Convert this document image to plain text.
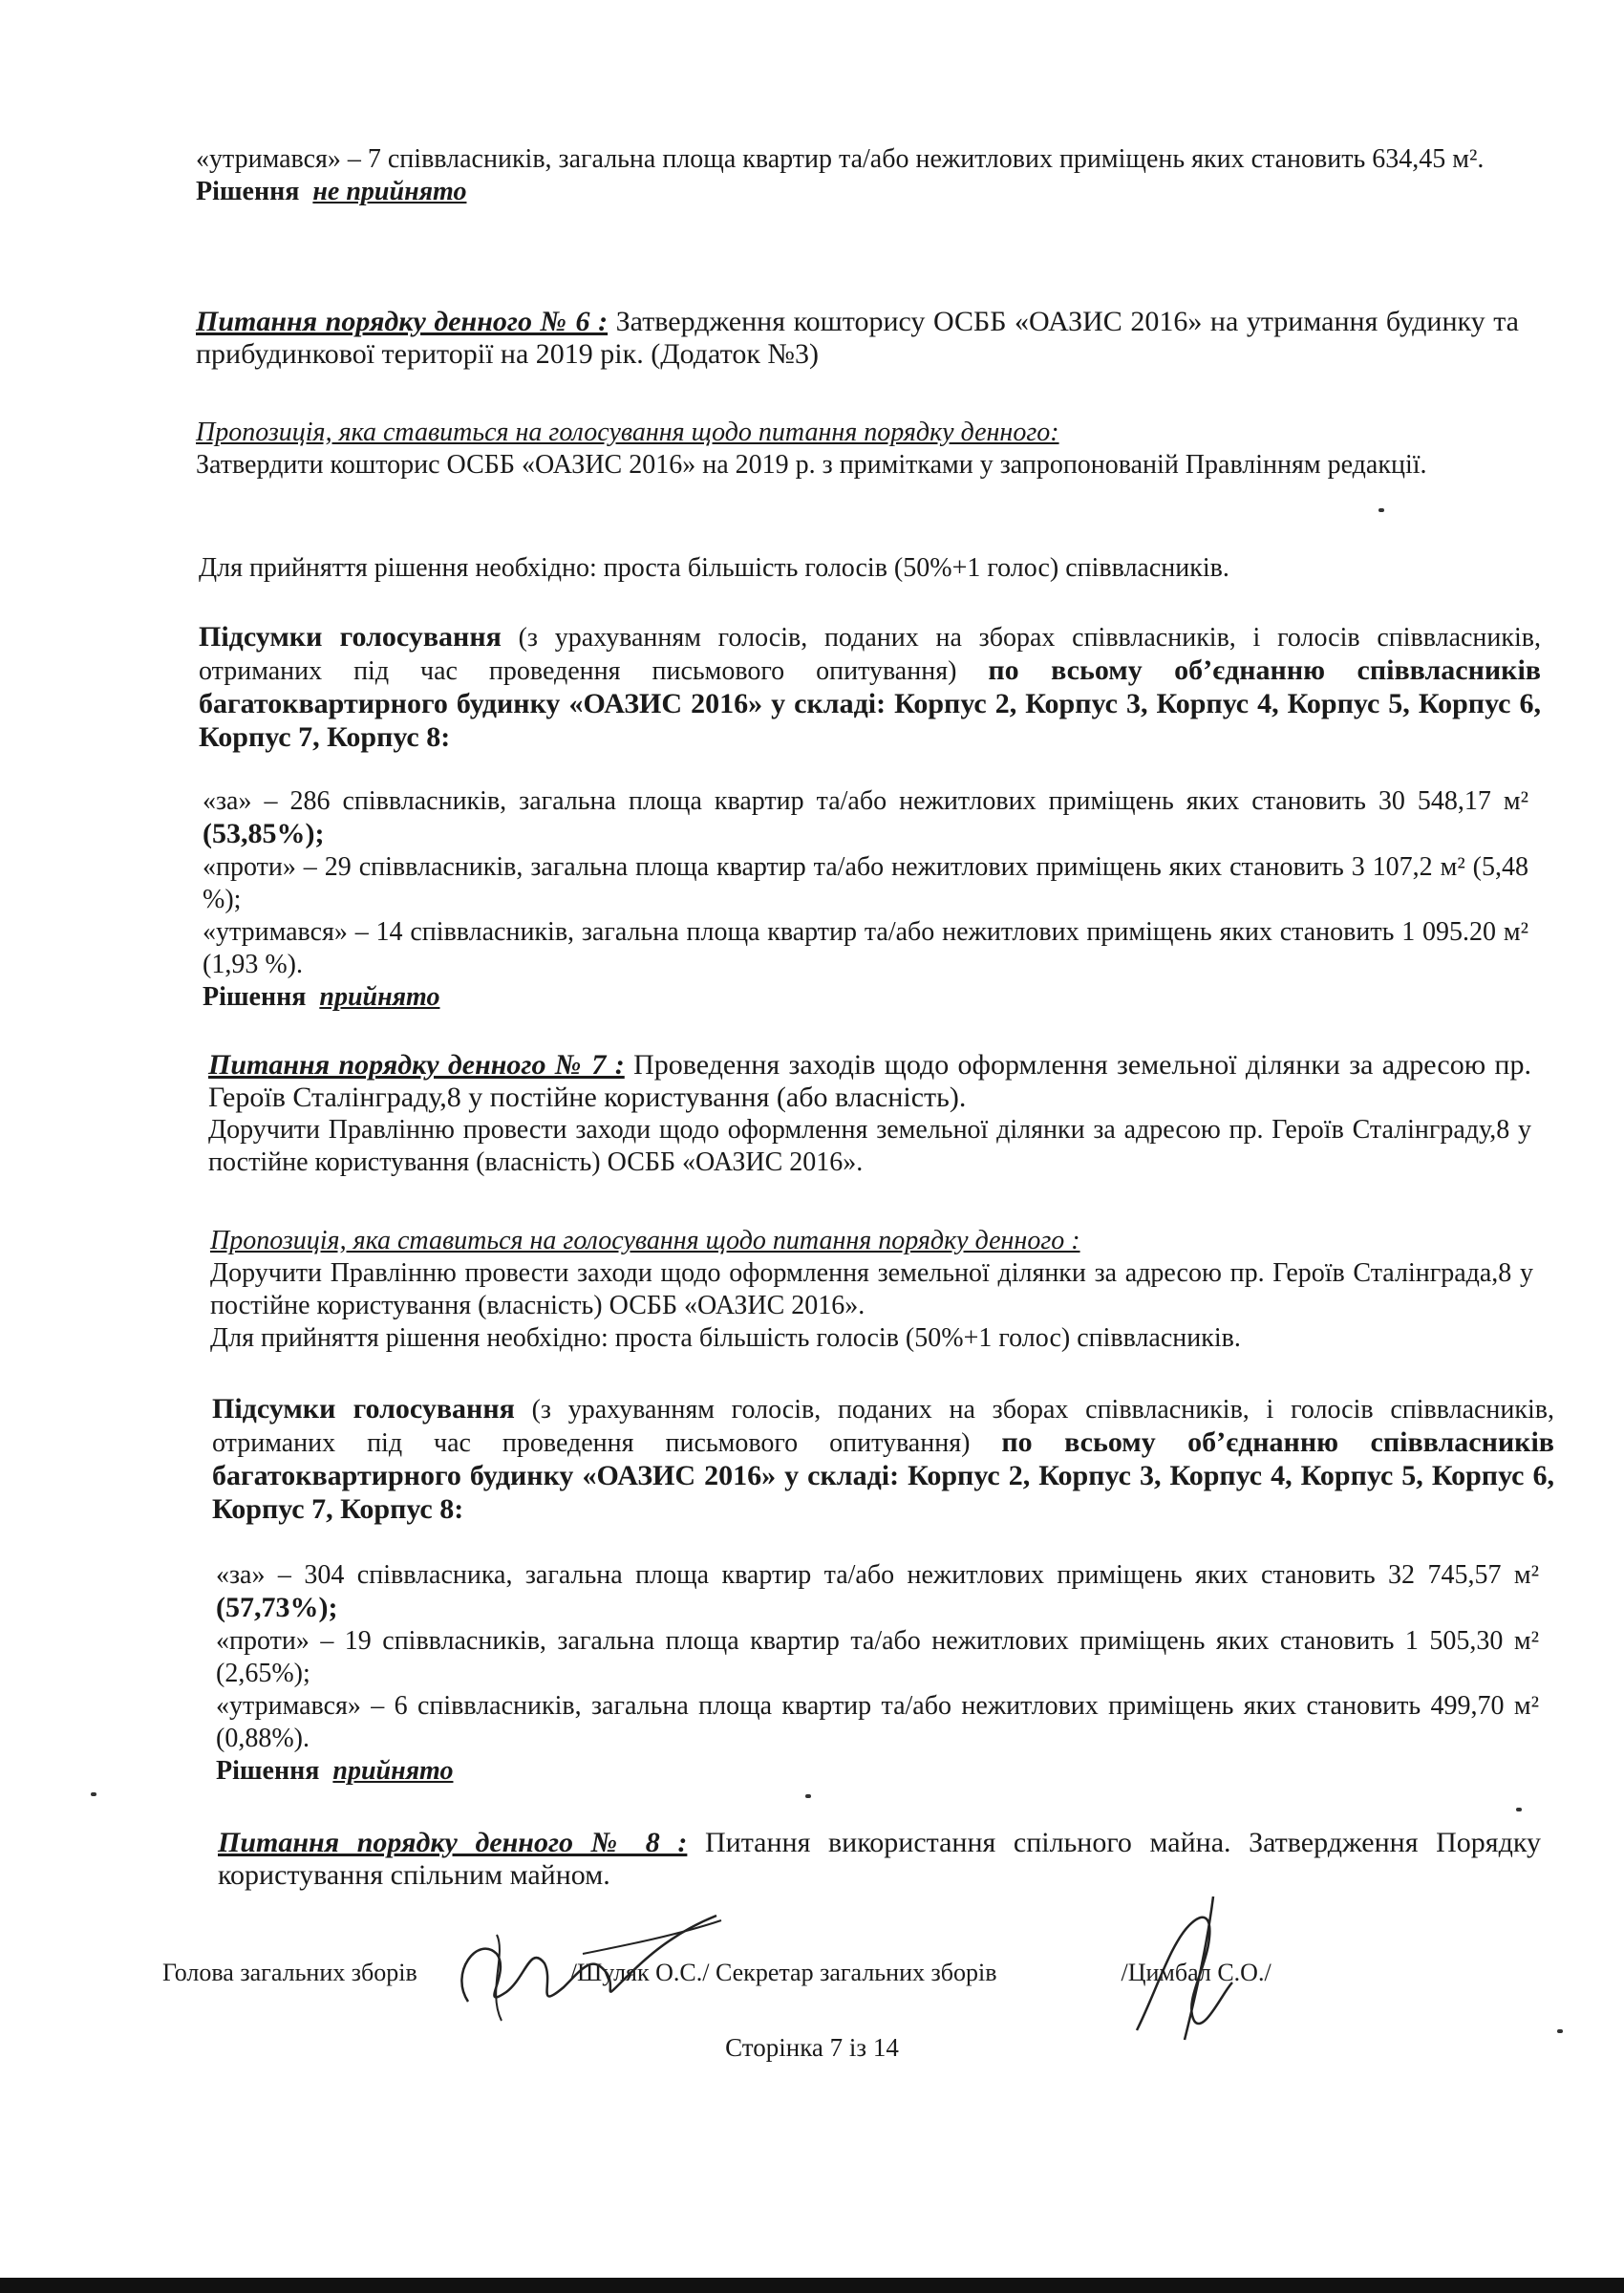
«утримався» – 7 співвласників, загальна площа квартир та/або нежитлових приміщень яких становить 634,45 м².

Рішення не прийнято

Питання порядку денного № 6 : Затвердження кошторису ОСББ «ОАЗИС 2016» на утримання будинку та прибудинкової території на 2019 рік. (Додаток №3)

Пропозиція, яка ставиться на голосування щодо питання порядку денного:

Затвердити кошторис ОСББ «ОАЗИС 2016» на 2019 р. з примітками у запропонованій Правлінням редакції.

Для прийняття рішення необхідно: проста більшість голосів (50%+1 голос) співвласників.

Підсумки голосування (з урахуванням голосів, поданих на зборах співвласників, і голосів співвласників, отриманих під час проведення письмового опитування) по всьому об’єднанню співвласників багатоквартирного будинку «ОАЗИС 2016» у складі: Корпус 2, Корпус 3, Корпус 4, Корпус 5, Корпус 6, Корпус 7, Корпус 8:

«за» – 286 співвласників, загальна площа квартир та/або нежитлових приміщень яких становить 30 548,17 м² (53,85%);

«проти» – 29 співвласників, загальна площа квартир та/або нежитлових приміщень яких становить 3 107,2 м² (5,48 %);

«утримався» – 14 співвласників, загальна площа квартир та/або нежитлових приміщень яких становить 1 095.20 м² (1,93 %).

Рішення прийнято

Питання порядку денного № 7 : Проведення заходів щодо оформлення земельної ділянки за адресою пр. Героїв Сталінграду,8 у постійне користування (або власність).

Доручити Правлінню провести заходи щодо оформлення земельної ділянки за адресою пр. Героїв Сталінграду,8 у постійне користування (власність) ОСББ «ОАЗИС 2016».

Пропозиція, яка ставиться на голосування щодо питання порядку денного :

Доручити Правлінню провести заходи щодо оформлення земельної ділянки за адресою пр. Героїв Сталінграда,8 у постійне користування (власність) ОСББ «ОАЗИС 2016».

Для прийняття рішення необхідно: проста більшість голосів (50%+1 голос) співвласників.

Підсумки голосування (з урахуванням голосів, поданих на зборах співвласників, і голосів співвласників, отриманих під час проведення письмового опитування) по всьому об’єднанню співвласників багатоквартирного будинку «ОАЗИС 2016» у складі: Корпус 2, Корпус 3, Корпус 4, Корпус 5, Корпус 6, Корпус 7, Корпус 8:

«за» – 304 співвласника, загальна площа квартир та/або нежитлових приміщень яких становить 32 745,57 м² (57,73%);

«проти» – 19 співвласників, загальна площа квартир та/або нежитлових приміщень яких становить 1 505,30 м² (2,65%);

«утримався» – 6 співвласників, загальна площа квартир та/або нежитлових приміщень яких становить 499,70 м² (0,88%).

Рішення прийнято

Питання порядку денного № 8 : Питання використання спільного майна. Затвердження Порядку користування спільним майном.

Голова загальних зборів	/Шуляк О.С./ Секретар загальних зборів	/Цимбал С.О./
Сторінка 7 із 14
